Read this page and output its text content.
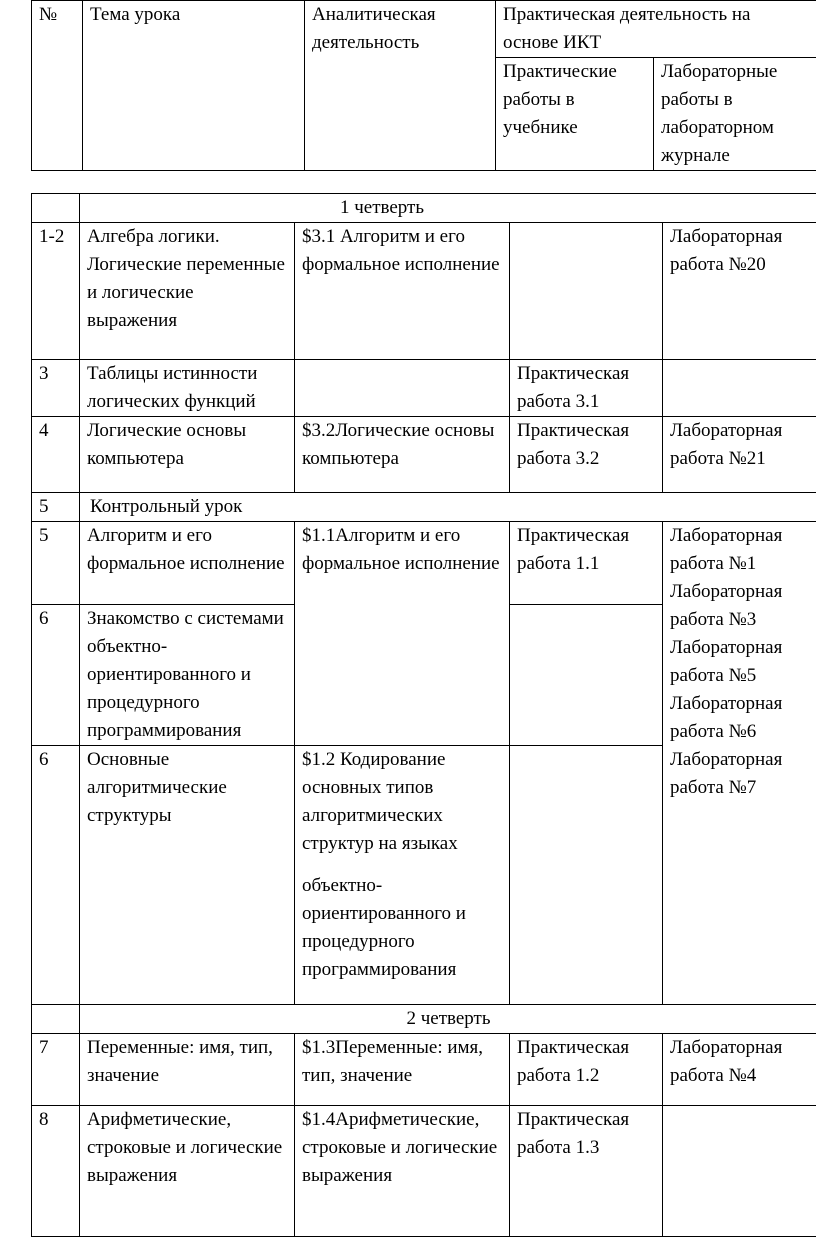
№	Тема урока	Аналитическая деятельность	Практическая деятельность на основе ИКТ	
			Практические работы в учебнике	Лабораторные работы в лабораторном журнале
	1 четверть			
1-2	Алгебра логики. Логические переменные и логические выражения	$3.1 Алгоритм и его формальное исполнение		Лабораторная работа №20
3	Таблицы истинности логических функций		Практическая работа 3.1	
4	Логические основы компьютера	$3.2Логические основы компьютера	Практическая работа 3.2	Лабораторная работа №21
5	Контрольный урок			
5	Алгоритм и его формальное исполнение	$1.1Алгоритм и его формальное исполнение	Практическая работа 1.1	Лабораторная работа №1
Лабораторная работа №3
Лабораторная работа №5
Лабораторная работа №6
Лабораторная работа №7

6	Знакомство с системами объектно-ориентированного и процедурного программирования			
6	Основные алгоритмические структуры	$1.2 Кодирование основных типов алгоритмических структур на языках
объектно-ориентированного и процедурного программирования		

	2 четверть			
7	Переменные: имя, тип, значение	$1.3Переменные: имя, тип, значение	Практическая работа 1.2	Лабораторная работа №4
8	Арифметические, строковые и логические выражения	$1.4Арифметические, строковые и логические выражения	Практическая работа 1.3	
